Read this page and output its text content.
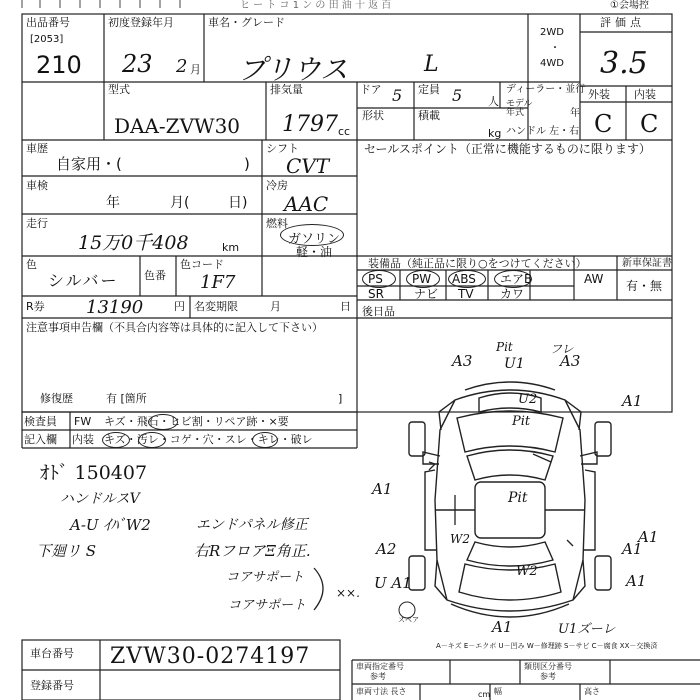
ヒ ー ト コ 1 ン の 田 油 十 返 百	①会場控
出品番号
[2053]
210
初度登録年月
23 2 月
車名・グレード
プリウス	L
2WD
・
4WD
評価点
3.5
型式
DAA-ZVW30
排気量
1797 cc
ドア 5 定員 5 人
ディーラー・並行
モデル
年式	年
形状	積載
kg ハンドル 左・右
外装 内装
C C
車歴
自家用・(	)
シフト
CVT
セールスポイント（正常に機能するものに限ります）
車検
年	月(	日)
冷房
AAC
走行
15万0千408	km
燃料
ガソリン
軽・油
色
シルバー 色番
色コード
1F7
R券 13190	円 名変期限	月	日
装備品（純正品に限り○をつけてください）	新車保証書
有・無
PS PW ABS エアB	AW
SR	ナビ TV カワ
後日品
注意事項申告欄（不具合内容等は具体的に記入して下さい）
修復歴	有 [箇所	]
検査員
記入欄
FW キズ・飛石・ヒビ割・リペア跡・×要
内装 キズ・汚レ・コゲ・穴・スレ・キレ・破レ
ｵﾄﾞ 150407
ハンドルスV
A-U ｲﾊﾞW2
下廻リ S
エンドパネル修正
右RフロアΞ角正.
コアサポート
コアサポート
××.
A3
Pit
U1
フレ
A3
U2	A1
Pit
A1	Pit
A1
A2
W2
A1
U A1
W2
A1
A1	U1ズーレ
スペア
A－キズ E－エクボ U－凹み W－修理跡 S－サビ C－腐食 XX－交換済
車台番号 ZVW30-0274197
登録番号
車両指定番号
参考
類別区分番号
参考
車両寸法 長さ	cm 幅	高さ
